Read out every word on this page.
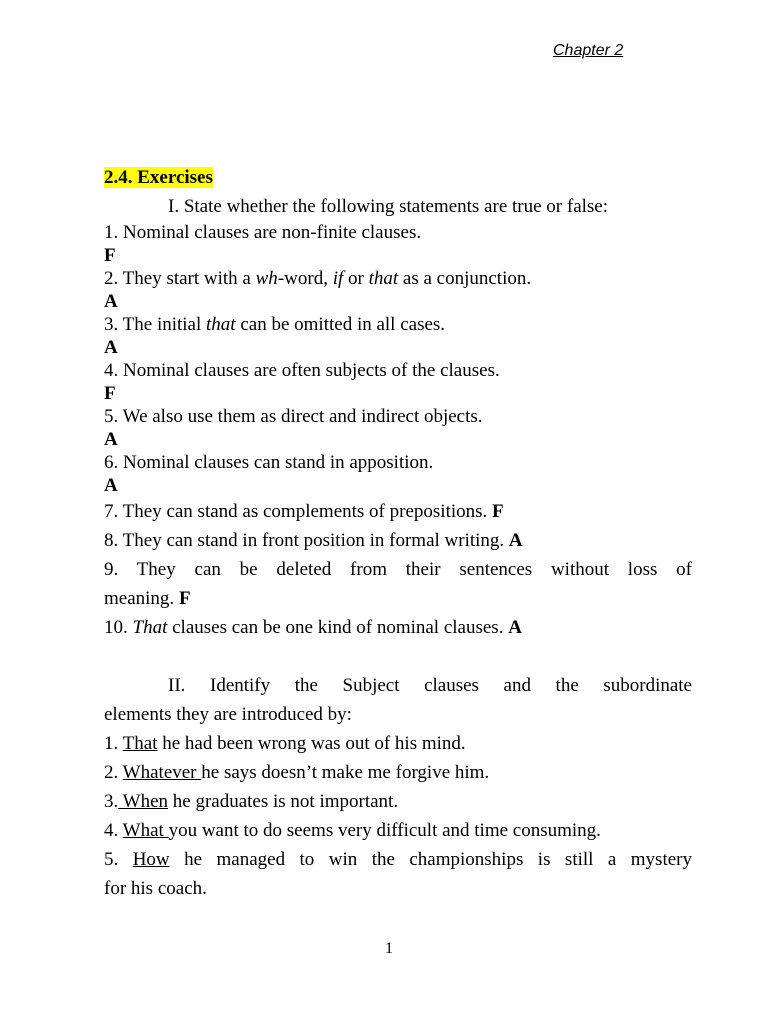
Chapter 2

2.4. Exercises

I. State whether the following statements are true or false:

1. Nominal clauses are non-finite clauses.

F

2. They start with a wh-word, if or that as a conjunction.

A

3. The initial that can be omitted in all cases.

A

4. Nominal clauses are often subjects of the clauses.

F

5. We also use them as direct and indirect objects.

A

6. Nominal clauses can stand in apposition.

A

7. They can stand as complements of prepositions. F

8. They can stand in front position in formal writing. A

9. They can be deleted from their sentences without loss of

meaning. F

10. That clauses can be one kind of nominal clauses. A

II. Identify the Subject clauses and the subordinate

elements they are introduced by:

1. That he had been wrong was out of his mind.

2. Whatever he says doesn’t make me forgive him.

3. When he graduates is not important.

4. What you want to do seems very difficult and time consuming.

5. How he managed to win the championships is still a mystery

for his coach.

1
